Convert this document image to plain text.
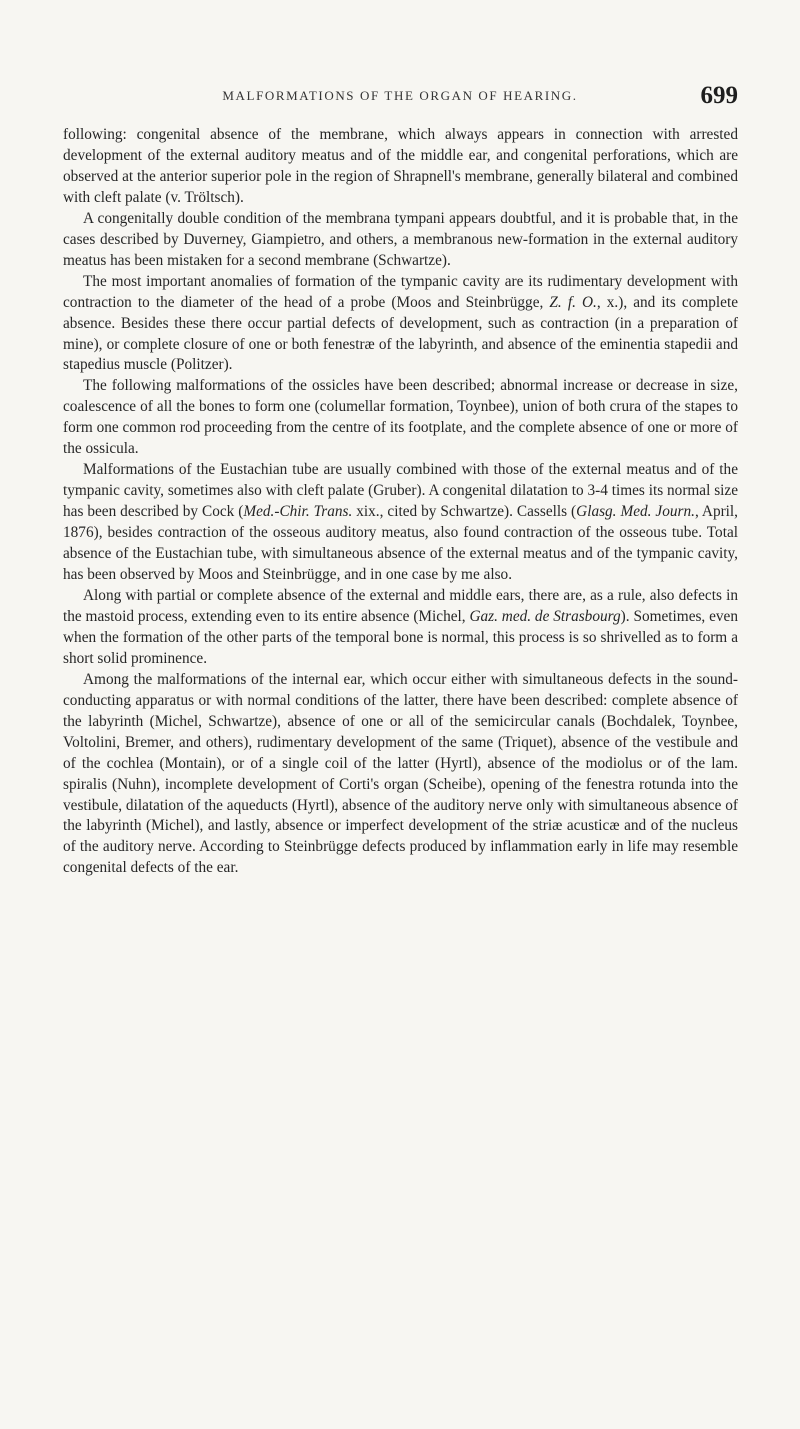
MALFORMATIONS OF THE ORGAN OF HEARING.	699

following: congenital absence of the membrane, which always appears in connection with arrested development of the external auditory meatus and of the middle ear, and congenital perforations, which are observed at the anterior superior pole in the region of Shrapnell's membrane, generally bilateral and combined with cleft palate (v. Tröltsch).

A congenitally double condition of the membrana tympani appears doubtful, and it is probable that, in the cases described by Duverney, Giampietro, and others, a membranous new-formation in the external auditory meatus has been mistaken for a second membrane (Schwartze).

The most important anomalies of formation of the tympanic cavity are its rudimentary development with contraction to the diameter of the head of a probe (Moos and Steinbrügge, Z. f. O., x.), and its complete absence. Besides these there occur partial defects of development, such as contraction (in a preparation of mine), or complete closure of one or both fenestræ of the labyrinth, and absence of the eminentia stapedii and stapedius muscle (Politzer).

The following malformations of the ossicles have been described; abnormal increase or decrease in size, coalescence of all the bones to form one (columellar formation, Toynbee), union of both crura of the stapes to form one common rod proceeding from the centre of its footplate, and the complete absence of one or more of the ossicula.

Malformations of the Eustachian tube are usually combined with those of the external meatus and of the tympanic cavity, sometimes also with cleft palate (Gruber). A congenital dilatation to 3-4 times its normal size has been described by Cock (Med.-Chir. Trans. xix., cited by Schwartze). Cassells (Glasg. Med. Journ., April, 1876), besides contraction of the osseous auditory meatus, also found contraction of the osseous tube. Total absence of the Eustachian tube, with simultaneous absence of the external meatus and of the tympanic cavity, has been observed by Moos and Steinbrügge, and in one case by me also.

Along with partial or complete absence of the external and middle ears, there are, as a rule, also defects in the mastoid process, extending even to its entire absence (Michel, Gaz. med. de Strasbourg). Sometimes, even when the formation of the other parts of the temporal bone is normal, this process is so shrivelled as to form a short solid prominence.

Among the malformations of the internal ear, which occur either with simultaneous defects in the sound-conducting apparatus or with normal conditions of the latter, there have been described: complete absence of the labyrinth (Michel, Schwartze), absence of one or all of the semicircular canals (Bochdalek, Toynbee, Voltolini, Bremer, and others), rudimentary development of the same (Triquet), absence of the vestibule and of the cochlea (Montain), or of a single coil of the latter (Hyrtl), absence of the modiolus or of the lam. spiralis (Nuhn), incomplete development of Corti's organ (Scheibe), opening of the fenestra rotunda into the vestibule, dilatation of the aqueducts (Hyrtl), absence of the auditory nerve only with simultaneous absence of the labyrinth (Michel), and lastly, absence or imperfect development of the striæ acusticæ and of the nucleus of the auditory nerve. According to Steinbrügge defects produced by inflammation early in life may resemble congenital defects of the ear.
